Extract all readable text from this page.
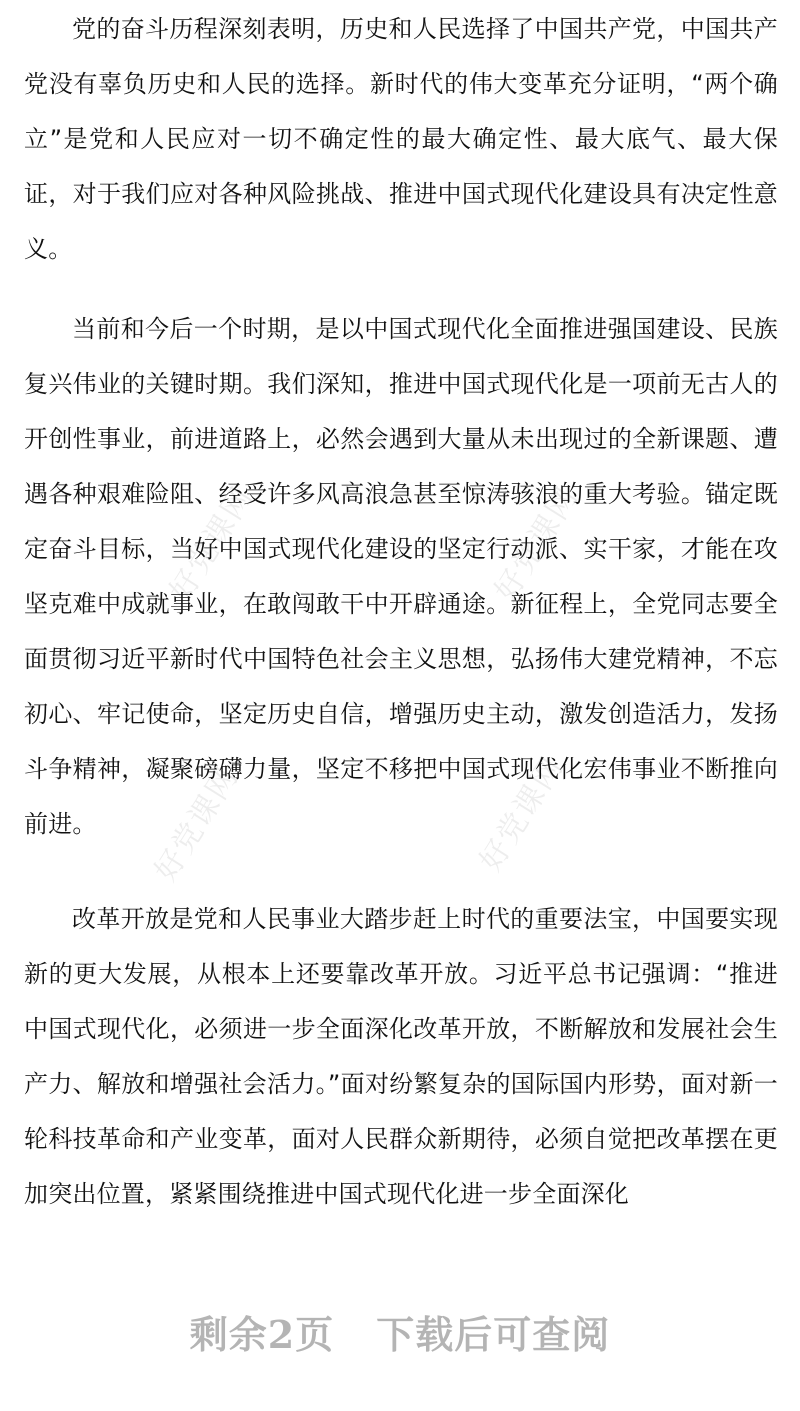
好党课网	好党课网
好党课网	好党课网

党的奋斗历程深刻表明，历史和人民选择了中国共产党，中国共产党没有辜负历史和人民的选择。新时代的伟大变革充分证明，“两个确立”是党和人民应对一切不确定性的最大确定性、最大底气、最大保证，对于我们应对各种风险挑战、推进中国式现代化建设具有决定性意义。

当前和今后一个时期，是以中国式现代化全面推进强国建设、民族复兴伟业的关键时期。我们深知，推进中国式现代化是一项前无古人的开创性事业，前进道路上，必然会遇到大量从未出现过的全新课题、遭遇各种艰难险阻、经受许多风高浪急甚至惊涛骇浪的重大考验。锚定既定奋斗目标，当好中国式现代化建设的坚定行动派、实干家，才能在攻坚克难中成就事业，在敢闯敢干中开辟通途。新征程上，全党同志要全面贯彻习近平新时代中国特色社会主义思想，弘扬伟大建党精神，不忘初心、牢记使命，坚定历史自信，增强历史主动，激发创造活力，发扬斗争精神，凝聚磅礴力量，坚定不移把中国式现代化宏伟事业不断推向前进。

改革开放是党和人民事业大踏步赶上时代的重要法宝，中国要实现新的更大发展，从根本上还要靠改革开放。习近平总书记强调：“推进中国式现代化，必须进一步全面深化改革开放，不断解放和发展社会生产力、解放和增强社会活力。”面对纷繁复杂的国际国内形势，面对新一轮科技革命和产业变革，面对人民群众新期待，必须自觉把改革摆在更加突出位置，紧紧围绕推进中国式现代化进一步全面深化

剩余2页 下载后可查阅
